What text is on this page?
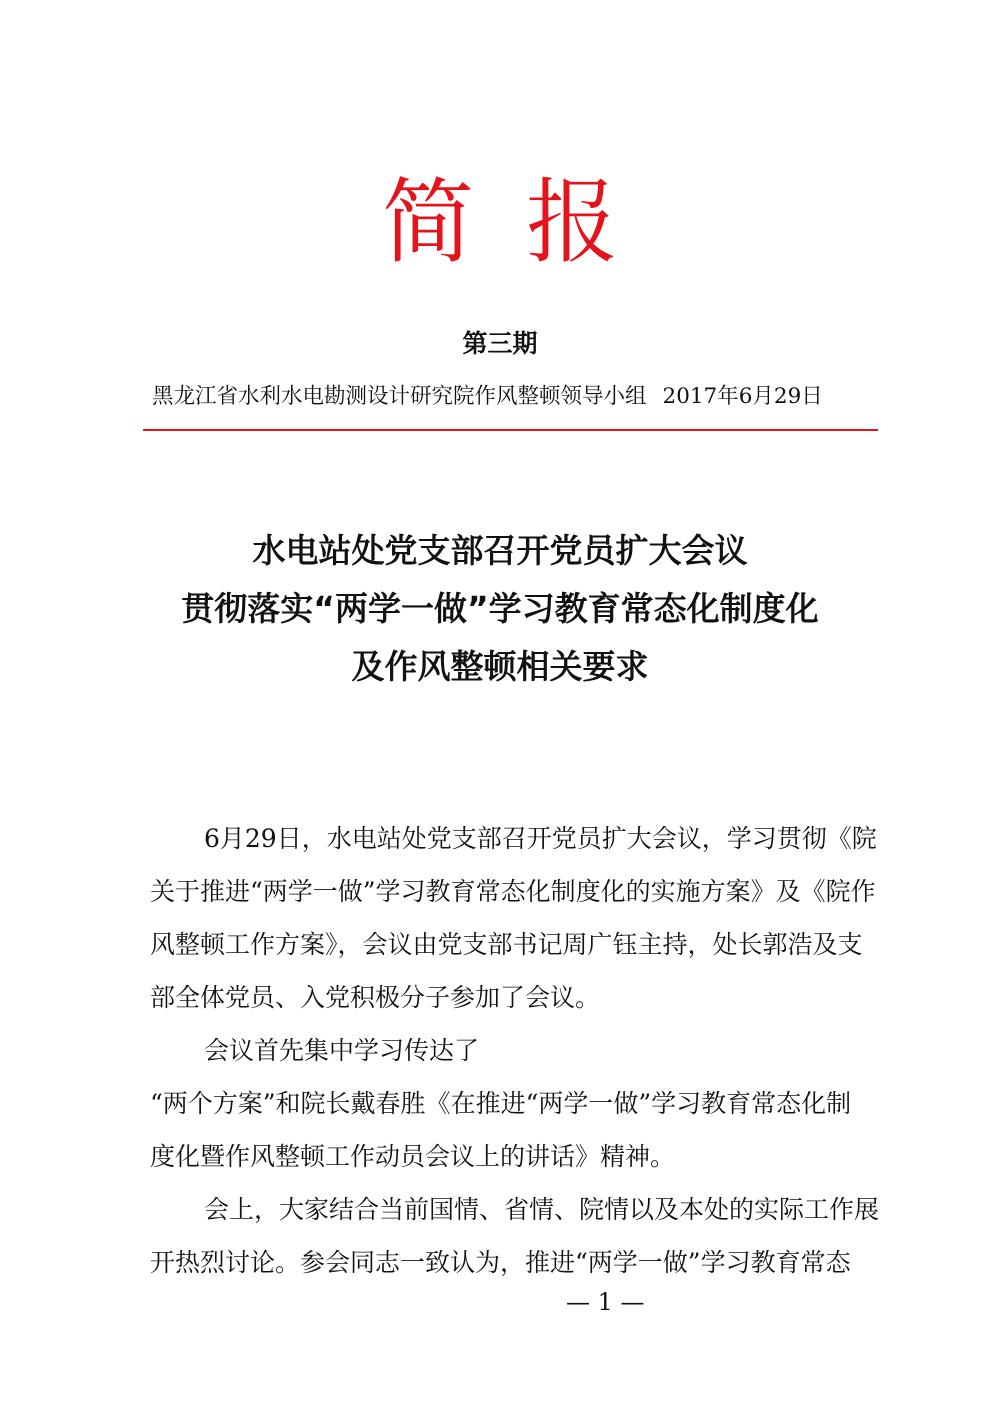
简报
第三期
黑龙江省水利水电勘测设计研究院作风整顿领导小组 2017年6月29日
水电站处党支部召开党员扩大会议
贯彻落实“两学一做”学习教育常态化制度化
及作风整顿相关要求
6月29日，水电站处党支部召开党员扩大会议，学习贯彻《院
关于推进“两学一做”学习教育常态化制度化的实施方案》及《院作
风整顿工作方案》，会议由党支部书记周广钰主持，处长郭浩及支
部全体党员、入党积极分子参加了会议。
会议首先集中学习传达了
“两个方案”和院长戴春胜《在推进“两学一做”学习教育常态化制
度化暨作风整顿工作动员会议上的讲话》精神。
会上，大家结合当前国情、省情、院情以及本处的实际工作展
开热烈讨论。参会同志一致认为，推进“两学一做”学习教育常态
— 1 —
